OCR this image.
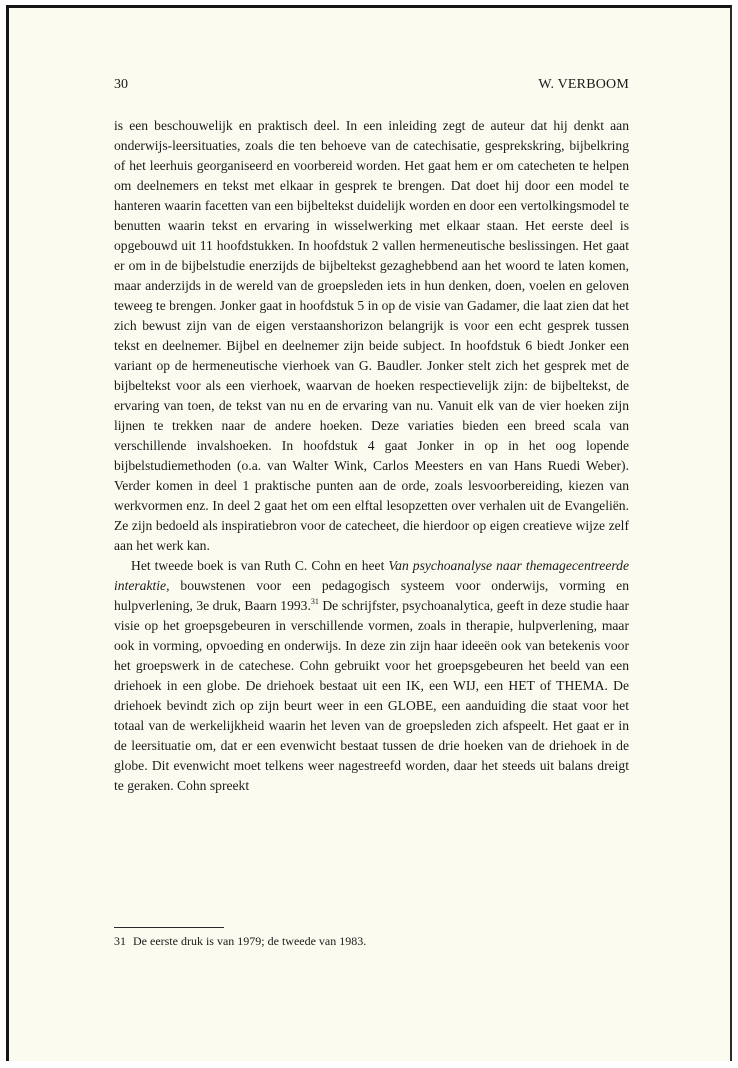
30	W. VERBOOM

is een beschouwelijk en praktisch deel. In een inleiding zegt de auteur dat hij denkt aan onderwijs-leersituaties, zoals die ten behoeve van de catechisatie, gesprekskring, bijbelkring of het leerhuis georganiseerd en voorbereid worden. Het gaat hem er om catecheten te helpen om deelnemers en tekst met elkaar in gesprek te brengen. Dat doet hij door een model te hanteren waarin facetten van een bijbeltekst duidelijk worden en door een vertolkingsmodel te benutten waarin tekst en ervaring in wisselwerking met elkaar staan. Het eerste deel is opgebouwd uit 11 hoofdstukken. In hoofdstuk 2 vallen hermeneutische beslissingen. Het gaat er om in de bijbelstudie enerzijds de bijbeltekst gezaghebbend aan het woord te laten komen, maar anderzijds in de wereld van de groepsleden iets in hun denken, doen, voelen en geloven teweeg te brengen. Jonker gaat in hoofdstuk 5 in op de visie van Gadamer, die laat zien dat het zich bewust zijn van de eigen verstaanshorizon belangrijk is voor een echt gesprek tussen tekst en deelnemer. Bijbel en deelnemer zijn beide subject. In hoofdstuk 6 biedt Jonker een variant op de hermeneutische vierhoek van G. Baudler. Jonker stelt zich het gesprek met de bijbeltekst voor als een vierhoek, waarvan de hoeken respectievelijk zijn: de bijbeltekst, de ervaring van toen, de tekst van nu en de ervaring van nu. Vanuit elk van de vier hoeken zijn lijnen te trekken naar de andere hoeken. Deze variaties bieden een breed scala van verschillende invalshoeken. In hoofdstuk 4 gaat Jonker in op in het oog lopende bijbelstudiemethoden (o.a. van Walter Wink, Carlos Meesters en van Hans Ruedi Weber). Verder komen in deel 1 praktische punten aan de orde, zoals lesvoorbereiding, kiezen van werkvormen enz. In deel 2 gaat het om een elftal lesopzetten over verhalen uit de Evangeliën. Ze zijn bedoeld als inspiratiebron voor de catecheet, die hierdoor op eigen creatieve wijze zelf aan het werk kan.

Het tweede boek is van Ruth C. Cohn en heet Van psychoanalyse naar themagecentreerde interaktie, bouwstenen voor een pedagogisch systeem voor onderwijs, vorming en hulpverlening, 3e druk, Baarn 1993.31 De schrijfster, psychoanalytica, geeft in deze studie haar visie op het groepsgebeuren in verschillende vormen, zoals in therapie, hulpverlening, maar ook in vorming, opvoeding en onderwijs. In deze zin zijn haar ideeën ook van betekenis voor het groepswerk in de catechese. Cohn gebruikt voor het groepsgebeuren het beeld van een driehoek in een globe. De driehoek bestaat uit een IK, een WIJ, een HET of THEMA. De driehoek bevindt zich op zijn beurt weer in een GLOBE, een aanduiding die staat voor het totaal van de werkelijkheid waarin het leven van de groepsleden zich afspeelt. Het gaat er in de leersituatie om, dat er een evenwicht bestaat tussen de drie hoeken van de driehoek in de globe. Dit evenwicht moet telkens weer nagestreefd worden, daar het steeds uit balans dreigt te geraken. Cohn spreekt

31 De eerste druk is van 1979; de tweede van 1983.
